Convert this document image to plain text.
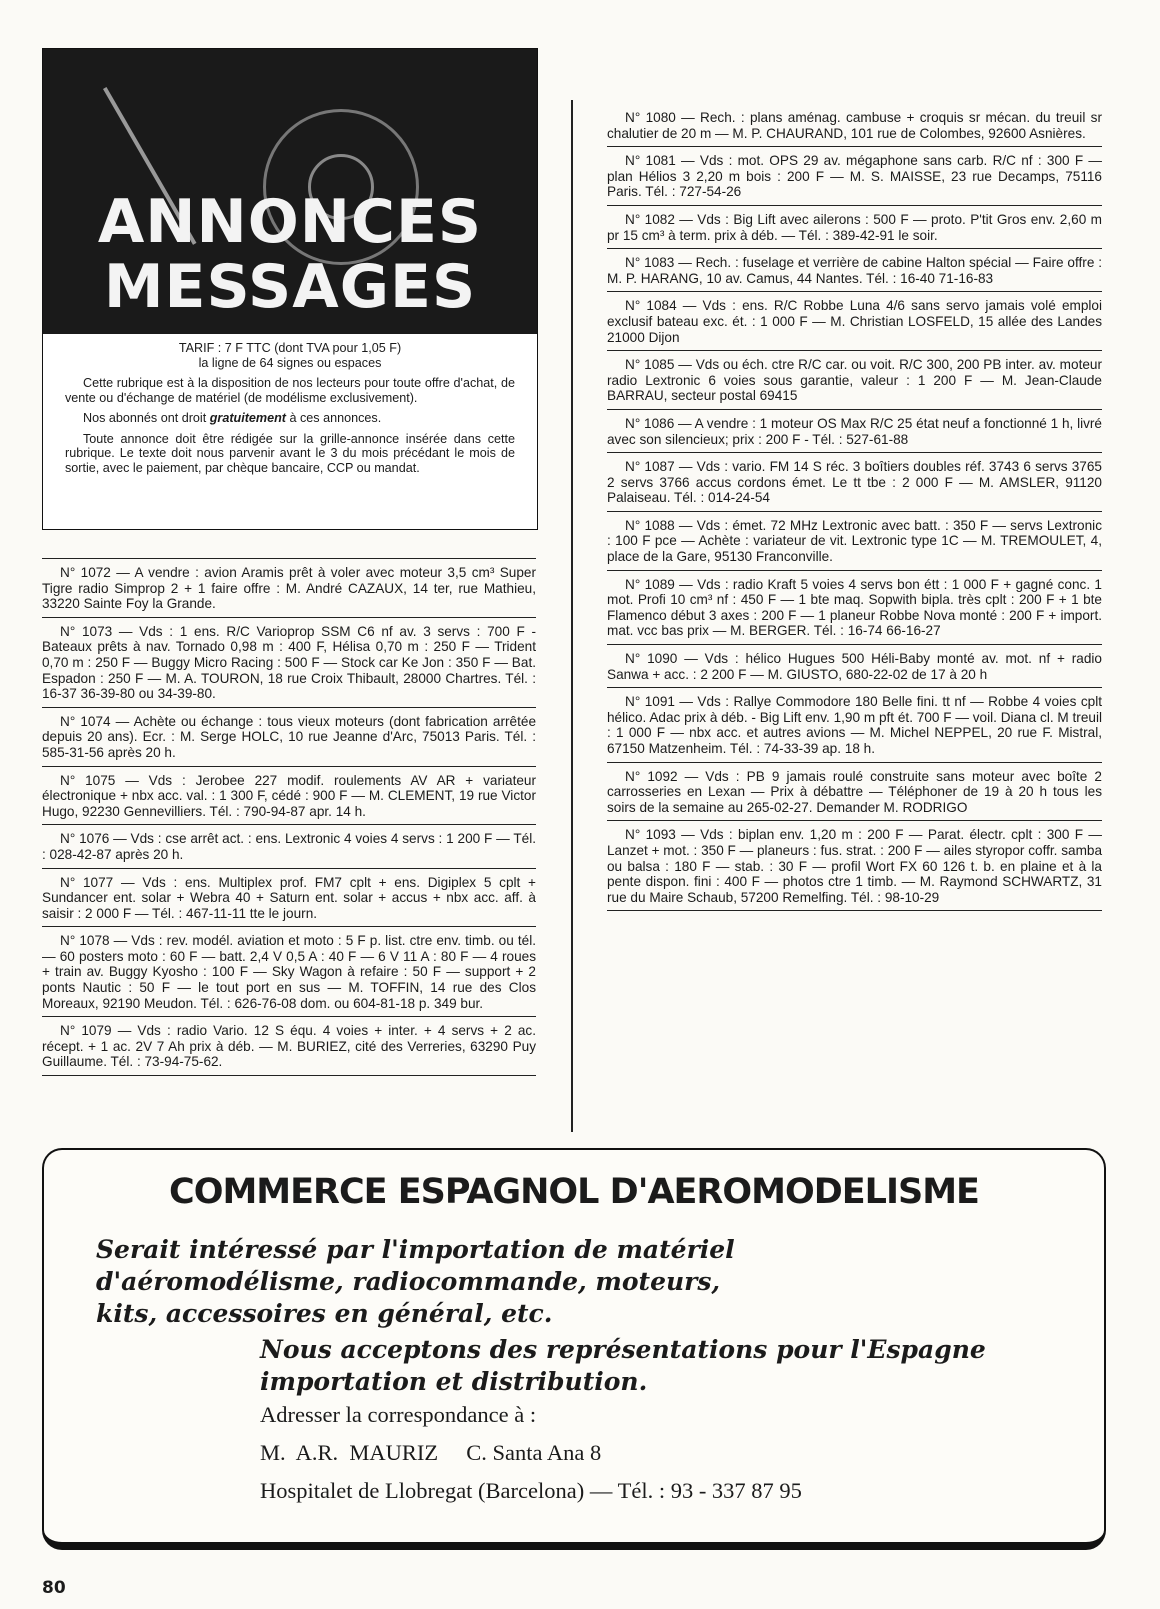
ANNONCES
MESSAGES
TARIF : 7 F TTC (dont TVA pour 1,05 F)
la ligne de 64 signes ou espaces

Cette rubrique est à la disposition de nos lecteurs pour toute offre d'achat, de vente ou d'échange de matériel (de modélisme exclusivement).

Nos abonnés ont droit gratuitement à ces annonces.

Toute annonce doit être rédigée sur la grille-annonce insérée dans cette rubrique. Le texte doit nous parvenir avant le 3 du mois précédant le mois de sortie, avec le paiement, par chèque bancaire, CCP ou mandat.

N° 1072 — A vendre : avion Aramis prêt à voler avec moteur 3,5 cm³ Super Tigre radio Simprop 2 + 1 faire offre : M. André CAZAUX, 14 ter, rue Mathieu, 33220 Sainte Foy la Grande.
N° 1073 — Vds : 1 ens. R/C Varioprop SSM C6 nf av. 3 servs : 700 F - Bateaux prêts à nav. Tornado 0,98 m : 400 F, Hélisa 0,70 m : 250 F — Trident 0,70 m : 250 F — Buggy Micro Racing : 500 F — Stock car Ke Jon : 350 F — Bat. Espadon : 250 F — M. A. TOURON, 18 rue Croix Thibault, 28000 Chartres. Tél. : 16-37 36-39-80 ou 34-39-80.
N° 1074 — Achète ou échange : tous vieux moteurs (dont fabrication arrêtée depuis 20 ans). Ecr. : M. Serge HOLC, 10 rue Jeanne d'Arc, 75013 Paris. Tél. : 585-31-56 après 20 h.
N° 1075 — Vds : Jerobee 227 modif. roulements AV AR + variateur électronique + nbx acc. val. : 1 300 F, cédé : 900 F — M. CLEMENT, 19 rue Victor Hugo, 92230 Gennevilliers. Tél. : 790-94-87 apr. 14 h.
N° 1076 — Vds : cse arrêt act. : ens. Lextronic 4 voies 4 servs : 1 200 F — Tél. : 028-42-87 après 20 h.
N° 1077 — Vds : ens. Multiplex prof. FM7 cplt + ens. Digiplex 5 cplt + Sundancer ent. solar + Webra 40 + Saturn ent. solar + accus + nbx acc. aff. à saisir : 2 000 F — Tél. : 467-11-11 tte le journ.
N° 1078 — Vds : rev. modél. aviation et moto : 5 F p. list. ctre env. timb. ou tél. — 60 posters moto : 60 F — batt. 2,4 V 0,5 A : 40 F — 6 V 11 A : 80 F — 4 roues + train av. Buggy Kyosho : 100 F — Sky Wagon à refaire : 50 F — support + 2 ponts Nautic : 50 F — le tout port en sus — M. TOFFIN, 14 rue des Clos Moreaux, 92190 Meudon. Tél. : 626-76-08 dom. ou 604-81-18 p. 349 bur.
N° 1079 — Vds : radio Vario. 12 S équ. 4 voies + inter. + 4 servs + 2 ac. récept. + 1 ac. 2V 7 Ah prix à déb. — M. BURIEZ, cité des Verreries, 63290 Puy Guillaume. Tél. : 73-94-75-62.
N° 1080 — Rech. : plans aménag. cambuse + croquis sr mécan. du treuil sr chalutier de 20 m — M. P. CHAURAND, 101 rue de Colombes, 92600 Asnières.
N° 1081 — Vds : mot. OPS 29 av. mégaphone sans carb. R/C nf : 300 F — plan Hélios 3 2,20 m bois : 200 F — M. S. MAISSE, 23 rue Decamps, 75116 Paris. Tél. : 727-54-26
N° 1082 — Vds : Big Lift avec ailerons : 500 F — proto. P'tit Gros env. 2,60 m pr 15 cm³ à term. prix à déb. — Tél. : 389-42-91 le soir.
N° 1083 — Rech. : fuselage et verrière de cabine Halton spécial — Faire offre : M. P. HARANG, 10 av. Camus, 44 Nantes. Tél. : 16-40 71-16-83
N° 1084 — Vds : ens. R/C Robbe Luna 4/6 sans servo jamais volé emploi exclusif bateau exc. ét. : 1 000 F — M. Christian LOSFELD, 15 allée des Landes 21000 Dijon
N° 1085 — Vds ou éch. ctre R/C car. ou voit. R/C 300, 200 PB inter. av. moteur radio Lextronic 6 voies sous garantie, valeur : 1 200 F — M. Jean-Claude BARRAU, secteur postal 69415
N° 1086 — A vendre : 1 moteur OS Max R/C 25 état neuf a fonctionné 1 h, livré avec son silencieux; prix : 200 F - Tél. : 527-61-88
N° 1087 — Vds : vario. FM 14 S réc. 3 boîtiers doubles réf. 3743 6 servs 3765 2 servs 3766 accus cordons émet. Le tt tbe : 2 000 F — M. AMSLER, 91120 Palaiseau. Tél. : 014-24-54
N° 1088 — Vds : émet. 72 MHz Lextronic avec batt. : 350 F — servs Lextronic : 100 F pce — Achète : variateur de vit. Lextronic type 1C — M. TREMOULET, 4, place de la Gare, 95130 Franconville.
N° 1089 — Vds : radio Kraft 5 voies 4 servs bon étt : 1 000 F + gagné conc. 1 mot. Profi 10 cm³ nf : 450 F — 1 bte maq. Sopwith bipla. très cplt : 200 F + 1 bte Flamenco début 3 axes : 200 F — 1 planeur Robbe Nova monté : 200 F + import. mat. vcc bas prix — M. BERGER. Tél. : 16-74 66-16-27
N° 1090 — Vds : hélico Hugues 500 Héli-Baby monté av. mot. nf + radio Sanwa + acc. : 2 200 F — M. GIUSTO, 680-22-02 de 17 à 20 h
N° 1091 — Vds : Rallye Commodore 180 Belle fini. tt nf — Robbe 4 voies cplt hélico. Adac prix à déb. - Big Lift env. 1,90 m pft ét. 700 F — voil. Diana cl. M treuil : 1 000 F — nbx acc. et autres avions — M. Michel NEPPEL, 20 rue F. Mistral, 67150 Matzenheim. Tél. : 74-33-39 ap. 18 h.
N° 1092 — Vds : PB 9 jamais roulé construite sans moteur avec boîte 2 carrosseries en Lexan — Prix à débattre — Téléphoner de 19 à 20 h tous les soirs de la semaine au 265-02-27. Demander M. RODRIGO
N° 1093 — Vds : biplan env. 1,20 m : 200 F — Parat. électr. cplt : 300 F — Lanzet + mot. : 350 F — planeurs : fus. strat. : 200 F — ailes styropor coffr. samba ou balsa : 180 F — stab. : 30 F — profil Wort FX 60 126 t. b. en plaine et à la pente dispon. fini : 400 F — photos ctre 1 timb. — M. Raymond SCHWARTZ, 31 rue du Maire Schaub, 57200 Remelfing. Tél. : 98-10-29
COMMERCE ESPAGNOL D'AEROMODELISME
Serait intéressé par l'importation de matériel
d'aéromodélisme, radiocommande, moteurs,
kits, accessoires en général, etc.
Nous acceptons des représentations pour l'Espagne
importation et distribution.
Adresser la correspondance à :
M.  A.R.  MAURIZ     C. Santa Ana 8
Hospitalet de Llobregat (Barcelona) — Tél. : 93 - 337 87 95
80
